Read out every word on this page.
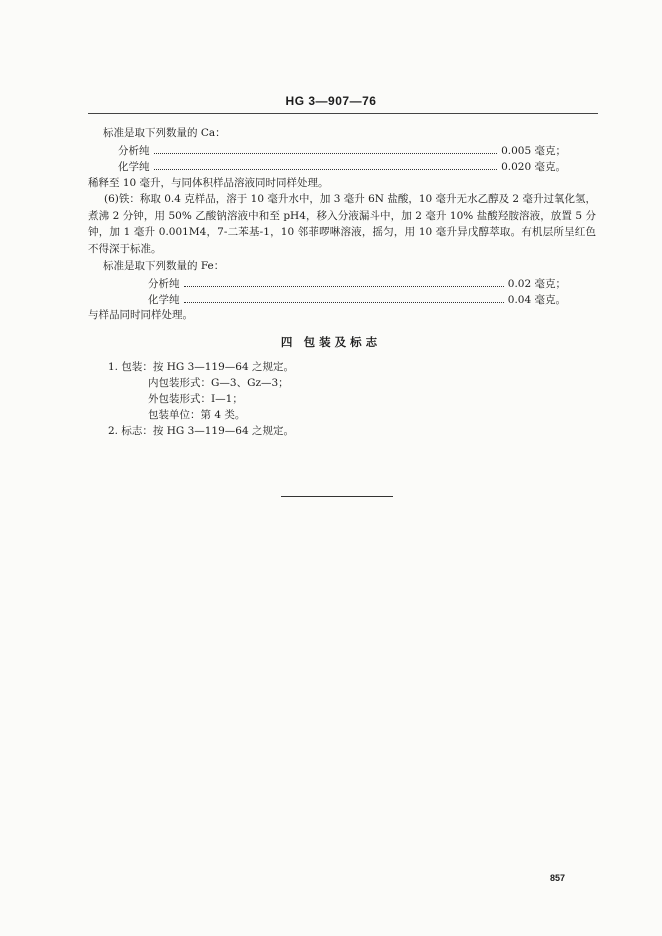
HG 3—907—76
标准是取下列数量的 Ca：
分析纯	0.005 毫克；
化学纯	0.020 毫克。
稀释至 10 毫升，与同体积样品溶液同时同样处理。
(6)铁：称取 0.4 克样品，溶于 10 毫升水中，加 3 毫升 6N 盐酸，10 毫升无水乙醇及 2 毫升过氧化氢，煮沸 2 分钟，用 50% 乙酸钠溶液中和至 pH4，移入分液漏斗中，加 2 毫升 10% 盐酸羟胺溶液，放置 5 分钟，加 1 毫升 0.001M4，7-二苯基-1，10 邻菲啰啉溶液，摇匀，用 10 毫升异戊醇萃取。有机层所呈红色不得深于标准。
标准是取下列数量的 Fe：
分析纯	0.02 毫克；
化学纯	0.04 毫克。
与样品同时同样处理。
四 包装及标志
1. 包装：按 HG 3—119—64 之规定。
内包装形式：G—3、Gz—3；
外包装形式：Ⅰ—1；
包装单位：第 4 类。
2. 标志：按 HG 3—119—64 之规定。
857
